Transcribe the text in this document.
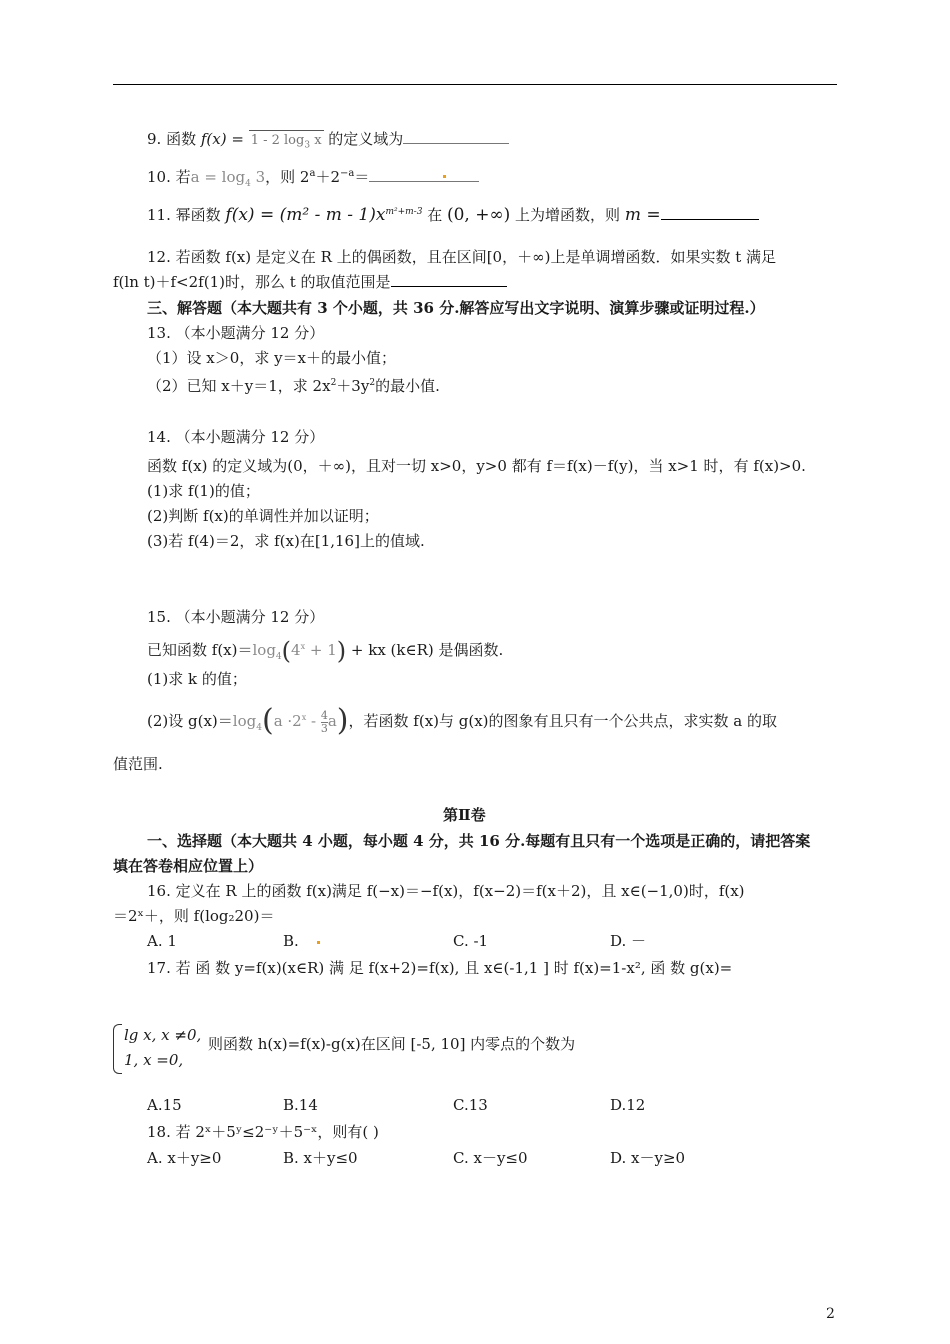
9. 函数 f(x) = 1 - 2 $\log_3 x$ 的定义域为
10. 若$a = \log_4 3$，则 $2^a+2^{-a}=$
11. 幂函数 $f(x) = (m^2 - m - 1)x^{m^2+m-3}$ 在 (0, +∞) 上为增函数，则 m =
12. 若函数 f(x) 是定义在 R 上的偶函数，且在区间[0，＋∞)上是单调增函数．如果实数 t 满足
f(ln t)＋f<2f(1)时，那么 t 的取值范围是
三、解答题（本大题共有 3 个小题，共 36 分.解答应写出文字说明、演算步骤或证明过程.）
13. （本小题满分 12 分）
（1）设 x＞0，求 y＝x＋的最小值；
（2）已知 x＋y＝1，求 $2x^2+3y^2$的最小值.
14. （本小题满分 12 分）
函数 f(x) 的定义域为(0，＋∞)，且对一切 x>0，y>0 都有 f＝f(x)－f(y)，当 x>1 时，有 f(x)>0.
(1)求 f(1)的值；
(2)判断 f(x)的单调性并加以证明；
(3)若 f(4)＝2，求 f(x)在[1,16]上的值域.
15. （本小题满分 12 分）
已知函数 $f(x)=\log_4(4^x + 1)$ + kx (k∈R) 是偶函数.
(1)求 k 的值；
(2)设 $g(x)=\log_4(a \cdot 2^x - \frac{4}{3} a)$，若函数 f(x)与 g(x)的图象有且只有一个公共点，求实数 a 的取
值范围.
第Ⅱ卷
一、选择题（本大题共 4 小题，每小题 4 分，共 16 分.每题有且只有一个选项是正确的，请把答案
填在答卷相应位置上）
16. 定义在 R 上的函数 f(x)满足 f(−x)＝−f(x)，f(x−2)＝f(x＋2)，且 x∈(−1,0)时，f(x)
＝2ˣ＋，则 f(log₂20)＝
A. 1	B.	C. -1	D. －
17. 若 函 数 y=f(x)(x∈R) 满 足 f(x+2)=f(x), 且 x∈(-1,1 ] 时 f(x)=1-x², 函 数 g(x)=
lg x, x ≠0,
1, x =0,
则函数 h(x)=f(x)-g(x)在区间 [-5, 10] 内零点的个数为
A.15	B.14	C.13	D.12
18. 若 2ˣ＋5ʸ≤2⁻ʸ＋5⁻ˣ，则有( )
A. x＋y≥0	B. x＋y≤0	C. x－y≤0	D. x－y≥0
2
